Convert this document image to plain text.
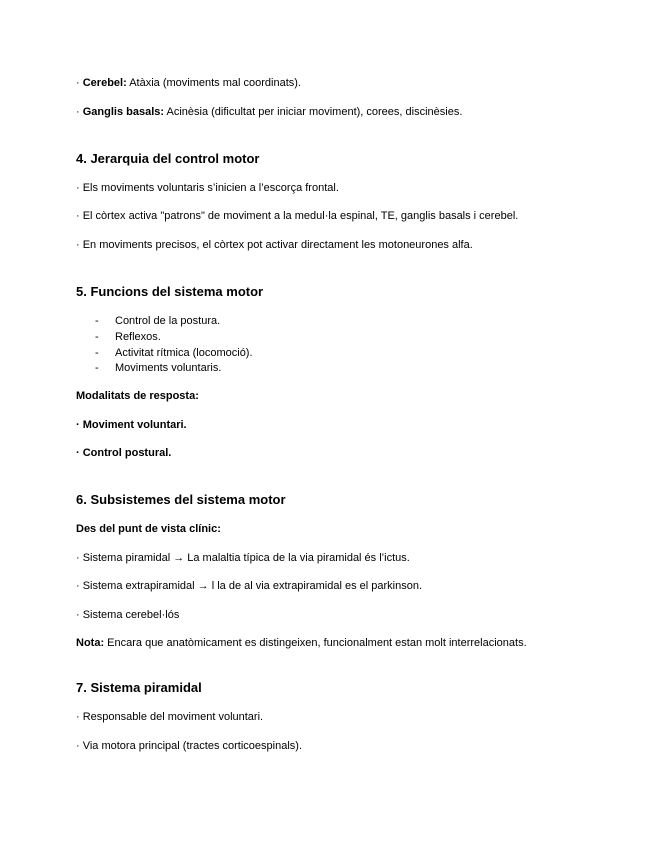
· Cerebel: Atàxia (moviments mal coordinats).
· Ganglis basals: Acinèsia (dificultat per iniciar moviment), corees, discinèsies.
4. Jerarquia del control motor
· Els moviments voluntaris s’inicien a l’escorça frontal.
· El còrtex activa "patrons" de moviment a la medul·la espinal, TE, ganglis basals i cerebel.
· En moviments precisos, el còrtex pot activar directament les motoneurones alfa.
5. Funcions del sistema motor
- Control de la postura.
- Reflexos.
- Activitat rítmica (locomoció).
- Moviments voluntaris.
Modalitats de resposta:
· Moviment voluntari.
· Control postural.
6. Subsistemes del sistema motor
Des del punt de vista clínic:
· Sistema piramidal → La malaltia típica de la via piramidal és l’ictus.
· Sistema extrapiramidal → l la de al via extrapiramidal es el parkinson.
· Sistema cerebel·lós
Nota: Encara que anatòmicament es distingeixen, funcionalment estan molt interrelacionats.
7. Sistema piramidal
· Responsable del moviment voluntari.
· Via motora principal (tractes corticoespinals).
